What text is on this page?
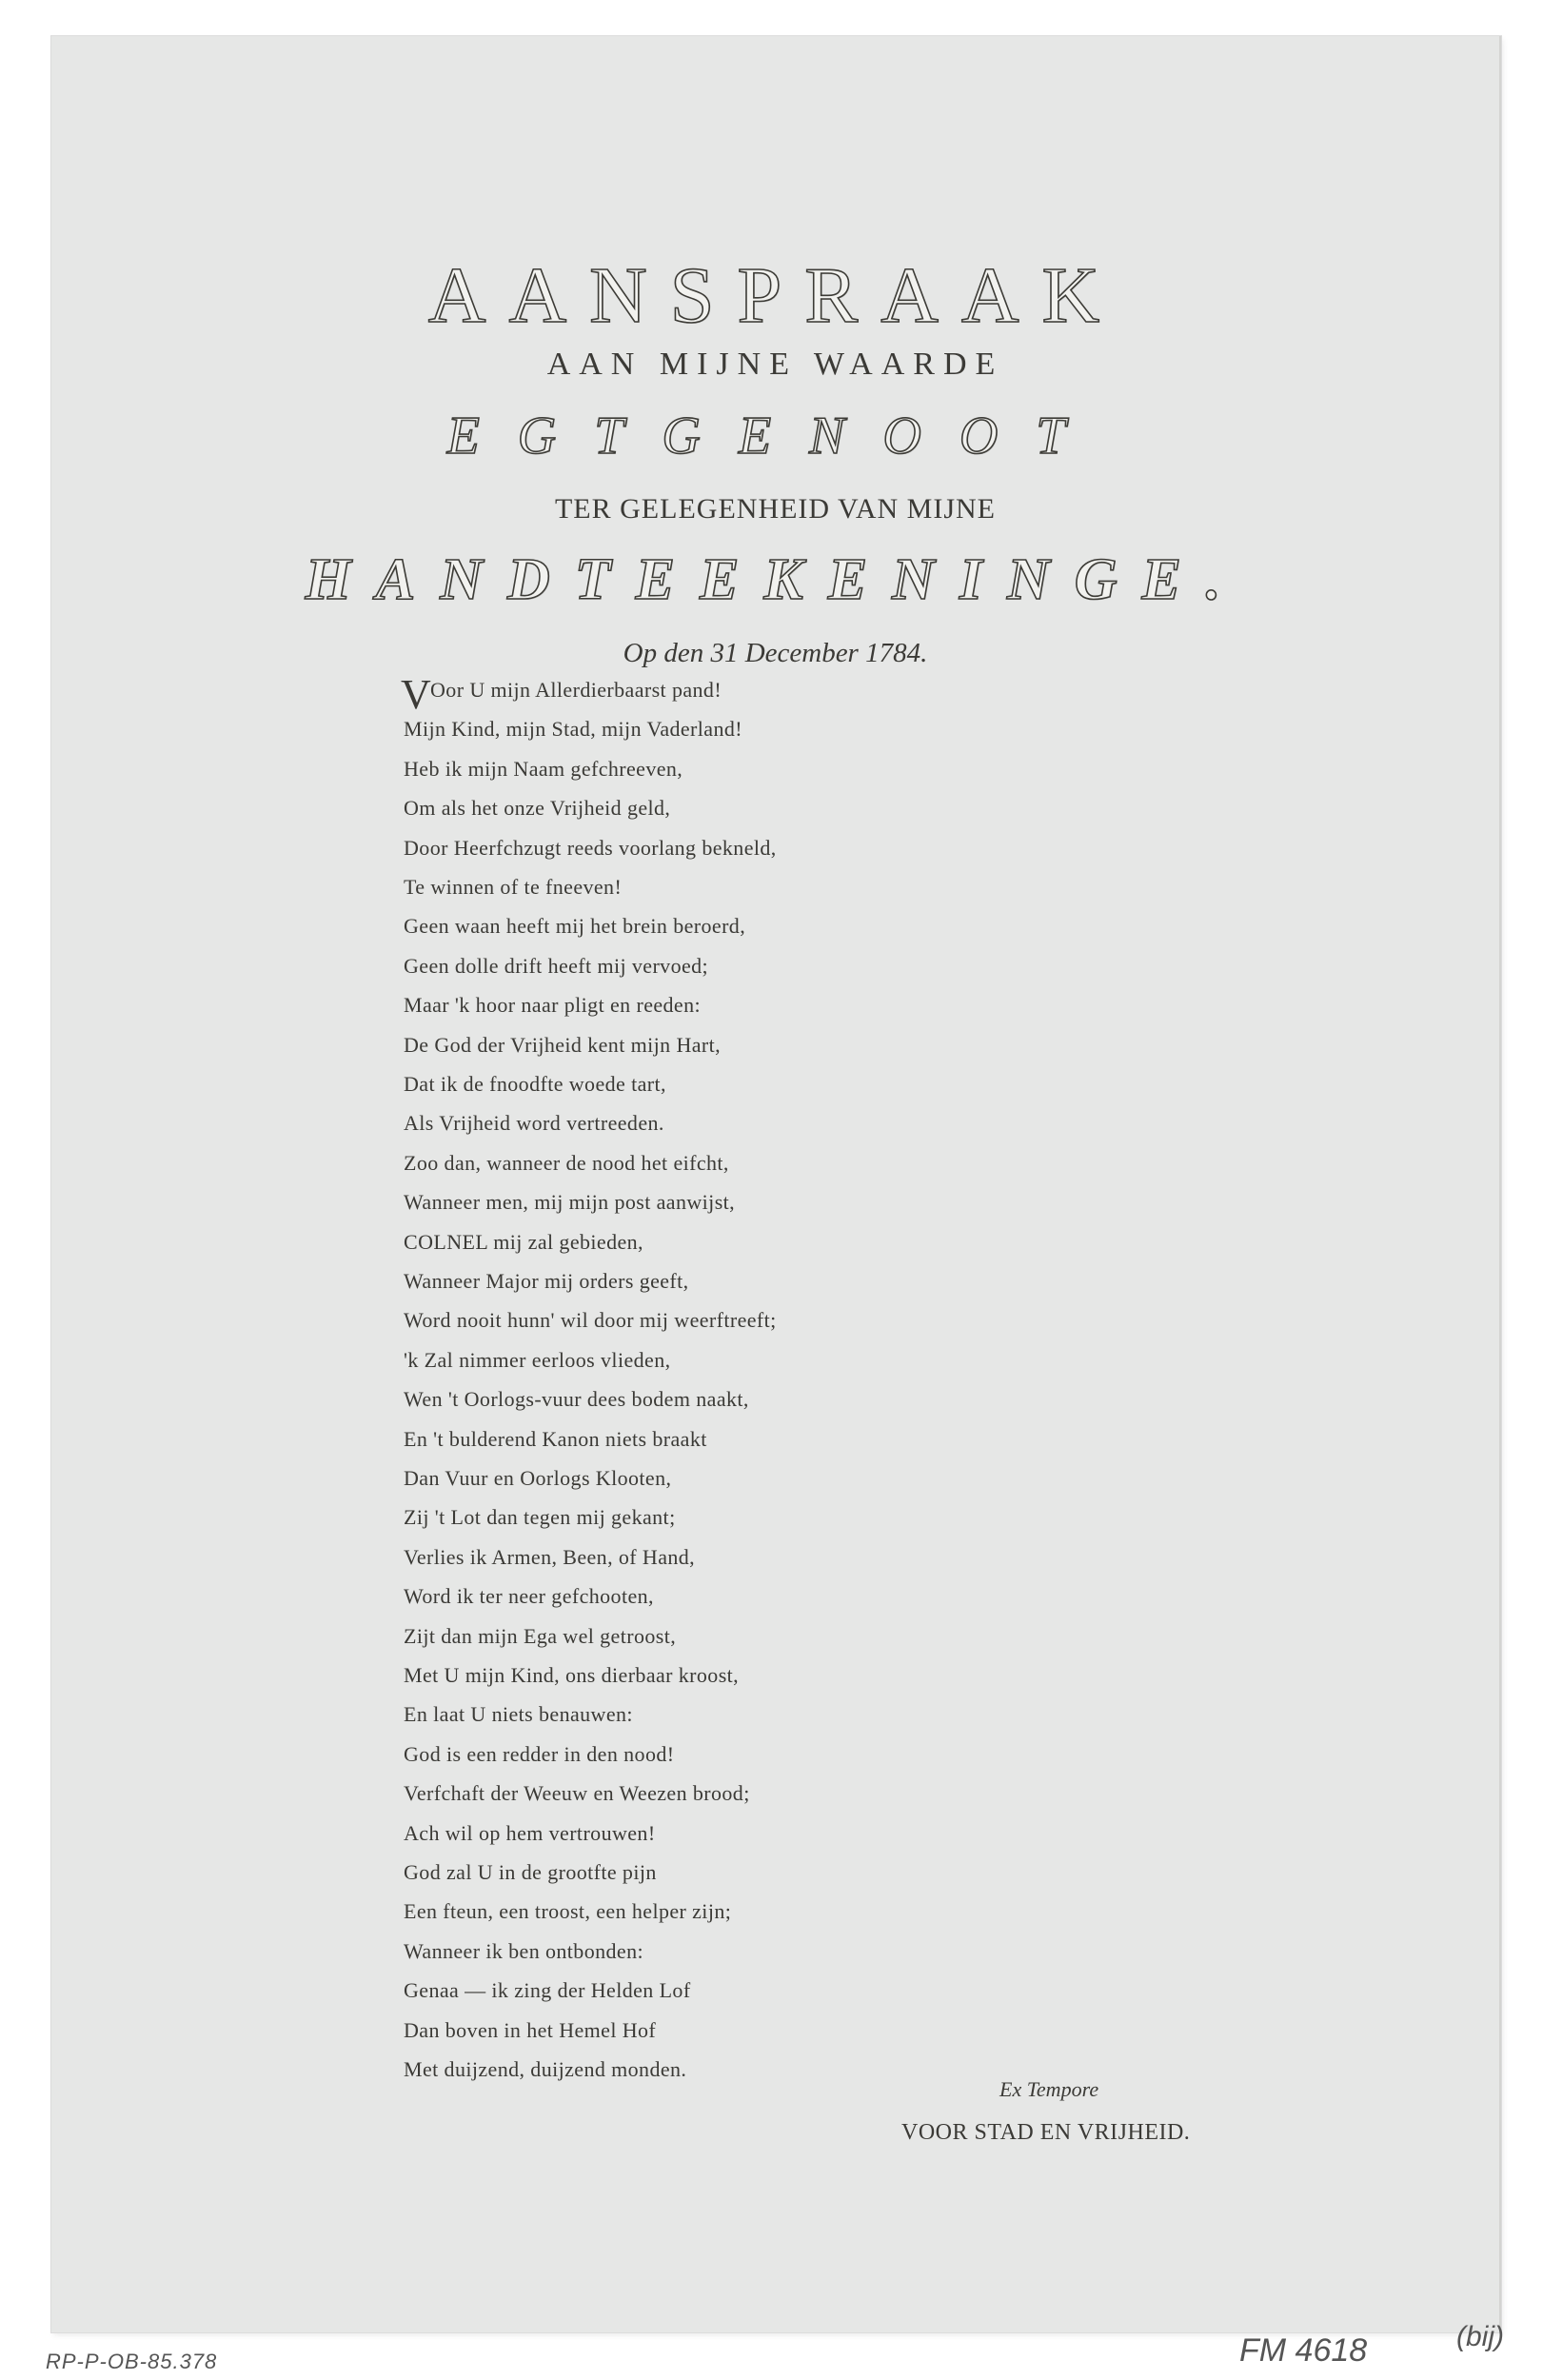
AANSPRAAK
AAN MIJNE WAARDE
EGTGENOOT
TER GELEGENHEID VAN MIJNE
HANDTEEKENINGE.
Op den 31 December 1784.
V Oor U mijn Allerdierbaarst pand!
Mijn Kind, mijn Stad, mijn Vaderland!
Heb ik mijn Naam gefchreeven,
Om als het onze Vrijheid geld,
Door Heerfchzugt reeds voorlang bekneld,
Te winnen of te fneeven!
Geen waan heeft mij het brein beroerd,
Geen dolle drift heeft mij vervoed;
Maar 'k hoor naar pligt en reeden:
De God der Vrijheid kent mijn Hart,
Dat ik de fnoodfte woede tart,
Als Vrijheid word vertreeden.
Zoo dan, wanneer de nood het eifcht,
Wanneer men, mij mijn post aanwijst,
COLNEL mij zal gebieden,
Wanneer Major mij orders geeft,
Word nooit hunn' wil door mij weerftreeft;
'k Zal nimmer eerloos vlieden,
Wen 't Oorlogs-vuur dees bodem naakt,
En 't bulderend Kanon niets braakt
Dan Vuur en Oorlogs Klooten,
Zij 't Lot dan tegen mij gekant;
Verlies ik Armen, Been, of Hand,
Word ik ter neer gefchooten,
Zijt dan mijn Ega wel getroost,
Met U mijn Kind, ons dierbaar kroost,
En laat U niets benauwen:
God is een redder in den nood!
Verfchaft der Weeuw en Weezen brood;
Ach wil op hem vertrouwen!
God zal U in de grootfte pijn
Een fteun, een troost, een helper zijn;
Wanneer ik ben ontbonden:
Genaa — ik zing der Helden Lof
Dan boven in het Hemel Hof
Met duijzend, duijzend monden.
Ex Tempore
VOOR STAD EN VRIJHEID.
RP-P-OB-85.378	FM 4618	(bij)
